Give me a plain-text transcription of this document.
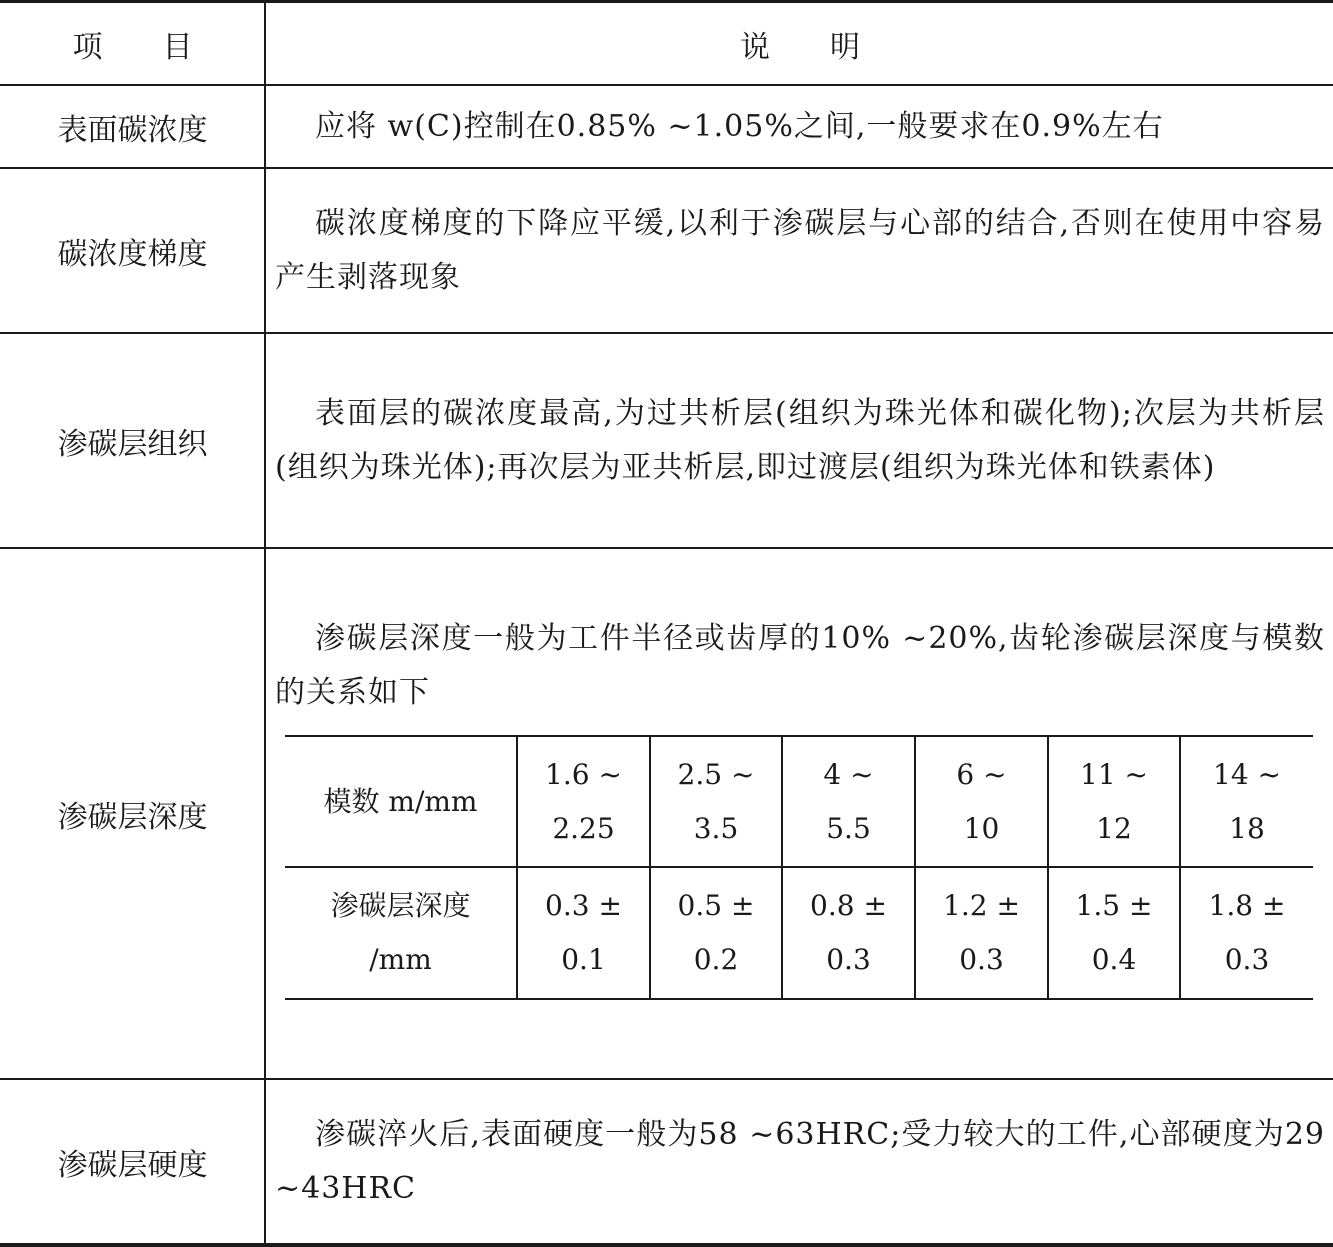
项　　目	说　　明
表面碳浓度	应将 w(C)控制在0.85% ~1.05%之间,一般要求在0.9%左右

碳浓度梯度

碳浓度梯度的下降应平缓,以利于渗碳层与心部的结合,否则在使用中容易产生剥落现象

渗碳层组织

表面层的碳浓度最高,为过共析层(组织为珠光体和碳化物);次层为共析层(组织为珠光体);再次层为亚共析层,即过渡层(组织为珠光体和铁素体)

渗碳层深度

渗碳层深度一般为工件半径或齿厚的10% ~20%,齿轮渗碳层深度与模数的关系如下

模数 m/mm
渗碳层深度
/mm
1.6 ~
2.25
2.5 ~
3.5
4 ~
5.5
6 ~
10
11 ~
12
14 ~
18
0.3 ±
0.1
0.5 ±
0.2
0.8 ±
0.3
1.2 ±
0.3
1.5 ±
0.4
1.8 ±
0.3
渗碳层硬度

渗碳淬火后,表面硬度一般为58 ~63HRC;受力较大的工件,心部硬度为29 ~43HRC
